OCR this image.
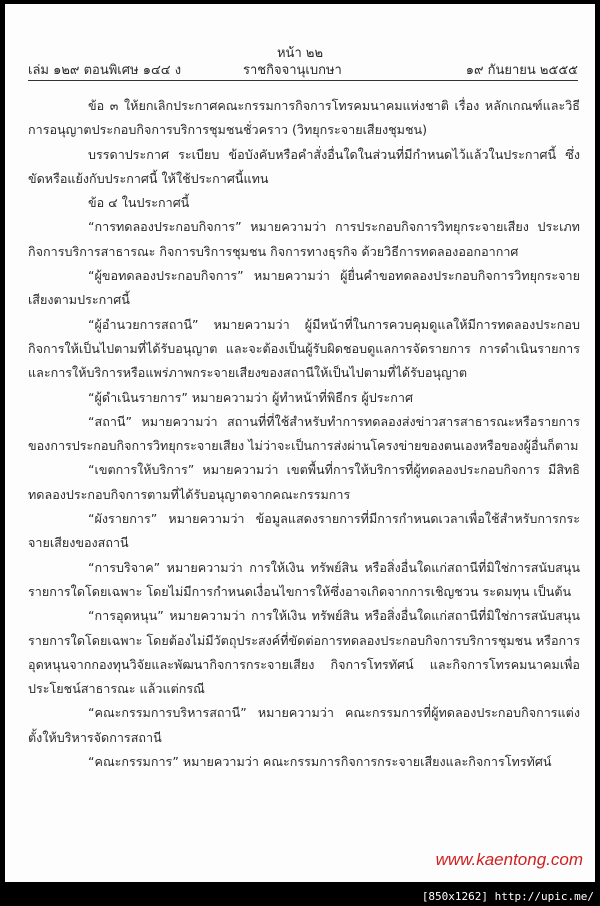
หน้า ๒๒
เล่ม ๑๒๙ ตอนพิเศษ ๑๔๔ ง	ราชกิจจานุเบกษา	๑๙ กันยายน ๒๕๕๕

ข้อ ๓ ให้ยกเลิกประกาศคณะกรรมการกิจการโทรคมนาคมแห่งชาติ เรื่อง หลักเกณฑ์และวิธีการอนุญาตประกอบกิจการบริการชุมชนชั่วคราว (วิทยุกระจายเสียงชุมชน)

บรรดาประกาศ ระเบียบ ข้อบังคับหรือคำสั่งอื่นใดในส่วนที่มีกำหนดไว้แล้วในประกาศนี้ ซึ่งขัดหรือแย้งกับประกาศนี้ ให้ใช้ประกาศนี้แทน

ข้อ ๔ ในประกาศนี้

“การทดลองประกอบกิจการ” หมายความว่า การประกอบกิจการวิทยุกระจายเสียง ประเภทกิจการบริการสาธารณะ กิจการบริการชุมชน กิจการทางธุรกิจ ด้วยวิธีการทดลองออกอากาศ

“ผู้ขอทดลองประกอบกิจการ” หมายความว่า ผู้ยื่นคำขอทดลองประกอบกิจการวิทยุกระจายเสียงตามประกาศนี้

“ผู้อำนวยการสถานี” หมายความว่า ผู้มีหน้าที่ในการควบคุมดูแลให้มีการทดลองประกอบกิจการให้เป็นไปตามที่ได้รับอนุญาต และจะต้องเป็นผู้รับผิดชอบดูแลการจัดรายการ การดำเนินรายการ และการให้บริการหรือแพร่ภาพกระจายเสียงของสถานีให้เป็นไปตามที่ได้รับอนุญาต

“ผู้ดำเนินรายการ” หมายความว่า ผู้ทำหน้าที่พิธีกร ผู้ประกาศ

“สถานี” หมายความว่า สถานที่ที่ใช้สำหรับทำการทดลองส่งข่าวสารสาธารณะหรือรายการของการประกอบกิจการวิทยุกระจายเสียง ไม่ว่าจะเป็นการส่งผ่านโครงข่ายของตนเองหรือของผู้อื่นก็ตาม

“เขตการให้บริการ” หมายความว่า เขตพื้นที่การให้บริการที่ผู้ทดลองประกอบกิจการ มีสิทธิทดลองประกอบกิจการตามที่ได้รับอนุญาตจากคณะกรรมการ

“ผังรายการ” หมายความว่า ข้อมูลแสดงรายการที่มีการกำหนดเวลาเพื่อใช้สำหรับการกระจายเสียงของสถานี

“การบริจาค” หมายความว่า การให้เงิน ทรัพย์สิน หรือสิ่งอื่นใดแก่สถานีที่มิใช่การสนับสนุนรายการใดโดยเฉพาะ โดยไม่มีการกำหนดเงื่อนไขการให้ซึ่งอาจเกิดจากการเชิญชวน ระดมทุน เป็นต้น

“การอุดหนุน” หมายความว่า การให้เงิน ทรัพย์สิน หรือสิ่งอื่นใดแก่สถานีที่มิใช่การสนับสนุนรายการใดโดยเฉพาะ โดยต้องไม่มีวัตถุประสงค์ที่ขัดต่อการทดลองประกอบกิจการบริการชุมชน หรือการอุดหนุนจากกองทุนวิจัยและพัฒนากิจการกระจายเสียง กิจการโทรทัศน์ และกิจการโทรคมนาคมเพื่อประโยชน์สาธารณะ แล้วแต่กรณี

“คณะกรรมการบริหารสถานี” หมายความว่า คณะกรรมการที่ผู้ทดลองประกอบกิจการแต่งตั้งให้บริหารจัดการสถานี

“คณะกรรมการ” หมายความว่า คณะกรรมการกิจการกระจายเสียงและกิจการโทรทัศน์

www.kaentong.com
[850x1262] http://upic.me/
